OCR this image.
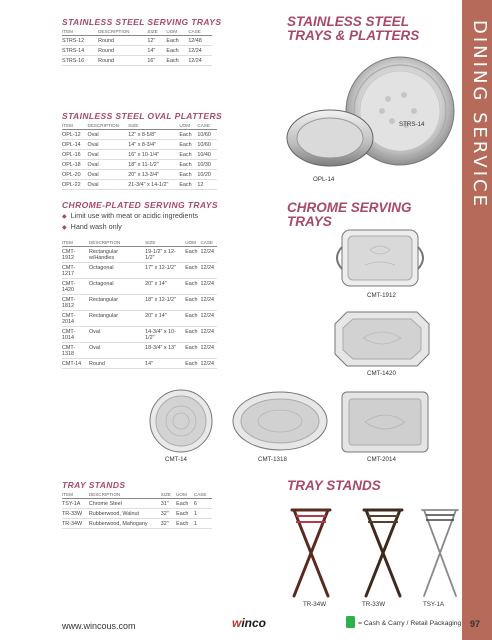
DINING SERVICE
STAINLESS STEEL SERVING TRAYS
ITEM	DESCRIPTION	SIZE	UOM	CASE
STRS-12	Round	12"	Each	12/48
STRS-14	Round	14"	Each	12/24
STRS-16	Round	16"	Each	12/24
STAINLESS STEEL OVAL PLATTERS
ITEM	DESCRIPTION	SIZE	UOM	CASE
OPL-12	Oval	12" x 8-5/8"	Each	10/60
OPL-14	Oval	14" x 8-3/4"	Each	10/60
OPL-16	Oval	16" x 10-1/4"	Each	10/40
OPL-18	Oval	18" x 11-1/2"	Each	10/30
OPL-20	Oval	20" x 13-3/4"	Each	10/20
OPL-22	Oval	21-3/4" x 14-1/2"	Each	12
CHROME-PLATED SERVING TRAYS
◆ Limit use with meat or acidic ingredients
◆ Hand wash only
ITEM	DESCRIPTION	SIZE	UOM	CASE
CMT-1912	Rectangular w/Handles	19-1/2" x 12-1/2"	Each	12/24
CMT-1217	Octagonal	17" x 12-1/2"	Each	12/24
CMT-1420	Octagonal	20" x 14"	Each	12/24
CMT-1812	Rectangular	18" x 12-1/2"	Each	12/24
CMT-2014	Rectangular	20" x 14"	Each	12/24
CMT-1014	Oval	14-3/4" x 10-1/2"	Each	12/24
CMT-1318	Oval	18-3/4" x 13"	Each	12/24
CMT-14	Round	14"	Each	12/24
TRAY STANDS
ITEM	DESCRIPTION	SIZE	UOM	CASE
TSY-1A	Chrome Steel	31"	Each	6
TR-33W	Rubberwood, Walnut	32"	Each	1
TR-34W	Rubberwood, Mahogany	32"	Each	1
STAINLESS STEEL TRAYS & PLATTERS
CHROME SERVING TRAYS
TRAY STANDS
STRS-14
OPL-14
CMT-1912
CMT-1420
CMT-14	CMT-1318	CMT-2014
TR-34W	TR-33W	TSY-1A
www.wincous.com	winco	= Cash & Carry / Retail Packaging 97
